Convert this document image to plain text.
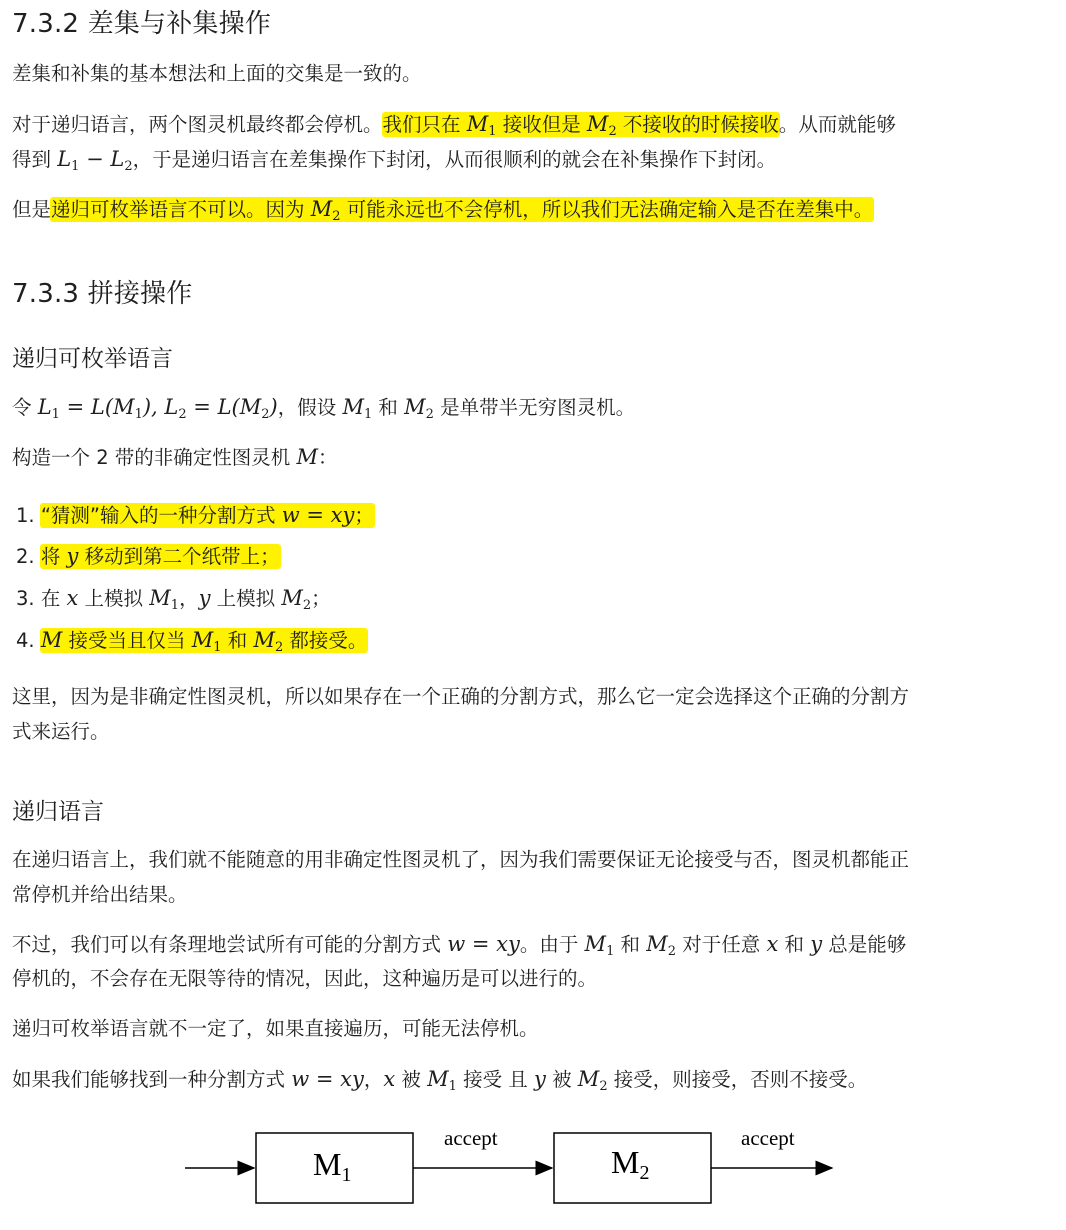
7.3.2 差集与补集操作
差集和补集的基本想法和上面的交集是一致的。
对于递归语言，两个图灵机最终都会停机。我们只在 $M_1$ 接收但是 $M_2$ 不接收的时候接收。从而就能够
得到 $L_1 - L_2$，于是递归语言在差集操作下封闭，从而很顺利的就会在补集操作下封闭。
但是递归可枚举语言不可以。因为 $M_2$ 可能永远也不会停机，所以我们无法确定输入是否在差集中。
7.3.3 拼接操作
递归可枚举语言
令 $L_1 = L(M_1)$, $L_2 = L(M_2)$，假设 $M_1$ 和 $M_2$ 是单带半无穷图灵机。
构造一个 2 带的非确定性图灵机 M：
1. “猜测”输入的一种分割方式 w = xy；
2. 将 y 移动到第二个纸带上；
3. 在 x 上模拟 $M_1$，y 上模拟 $M_2$；
4. M 接受当且仅当 $M_1$ 和 $M_2$ 都接受。
这里，因为是非确定性图灵机，所以如果存在一个正确的分割方式，那么它一定会选择这个正确的分割方
式来运行。
递归语言
在递归语言上，我们就不能随意的用非确定性图灵机了，因为我们需要保证无论接受与否，图灵机都能正
常停机并给出结果。
不过，我们可以有条理地尝试所有可能的分割方式 w = xy。由于 $M_1$ 和 $M_2$ 对于任意 x 和 y 总是能够
停机的，不会存在无限等待的情况，因此，这种遍历是可以进行的。
递归可枚举语言就不一定了，如果直接遍历，可能无法停机。
如果我们能够找到一种分割方式 w = xy，x 被 $M_1$ 接受 且 y 被 $M_2$ 接受，则接受，否则不接受。
M1
accept
M2
accept
